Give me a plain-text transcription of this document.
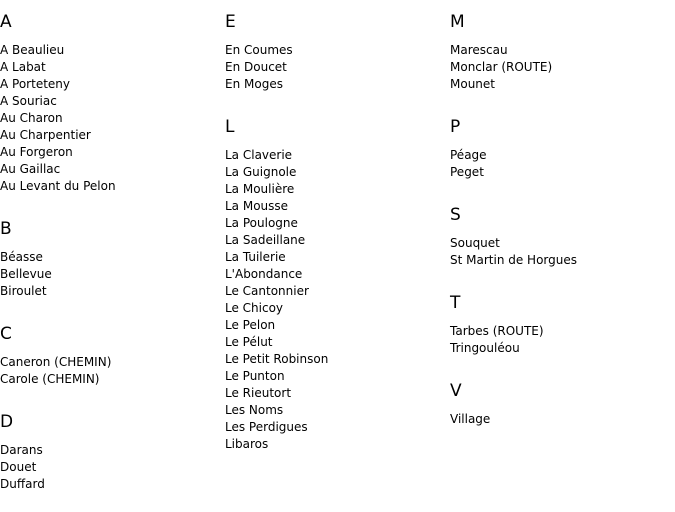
A
A Beaulieu
A Labat
A Porteteny
A Souriac
Au Charon
Au Charpentier
Au Forgeron
Au Gaillac
Au Levant du Pelon
B
Béasse
Bellevue
Biroulet
C
Caneron (CHEMIN)
Carole (CHEMIN)
D
Darans
Douet
Duffard
E
En Coumes
En Doucet
En Moges
L
La Claverie
La Guignole
La Moulière
La Mousse
La Poulogne
La Sadeillane
La Tuilerie
L'Abondance
Le Cantonnier
Le Chicoy
Le Pelon
Le Pélut
Le Petit Robinson
Le Punton
Le Rieutort
Les Noms
Les Perdigues
Libaros
M
Marescau
Monclar (ROUTE)
Mounet
P
Péage
Peget
S
Souquet
St Martin de Horgues
T
Tarbes (ROUTE)
Tringouléou
V
Village
